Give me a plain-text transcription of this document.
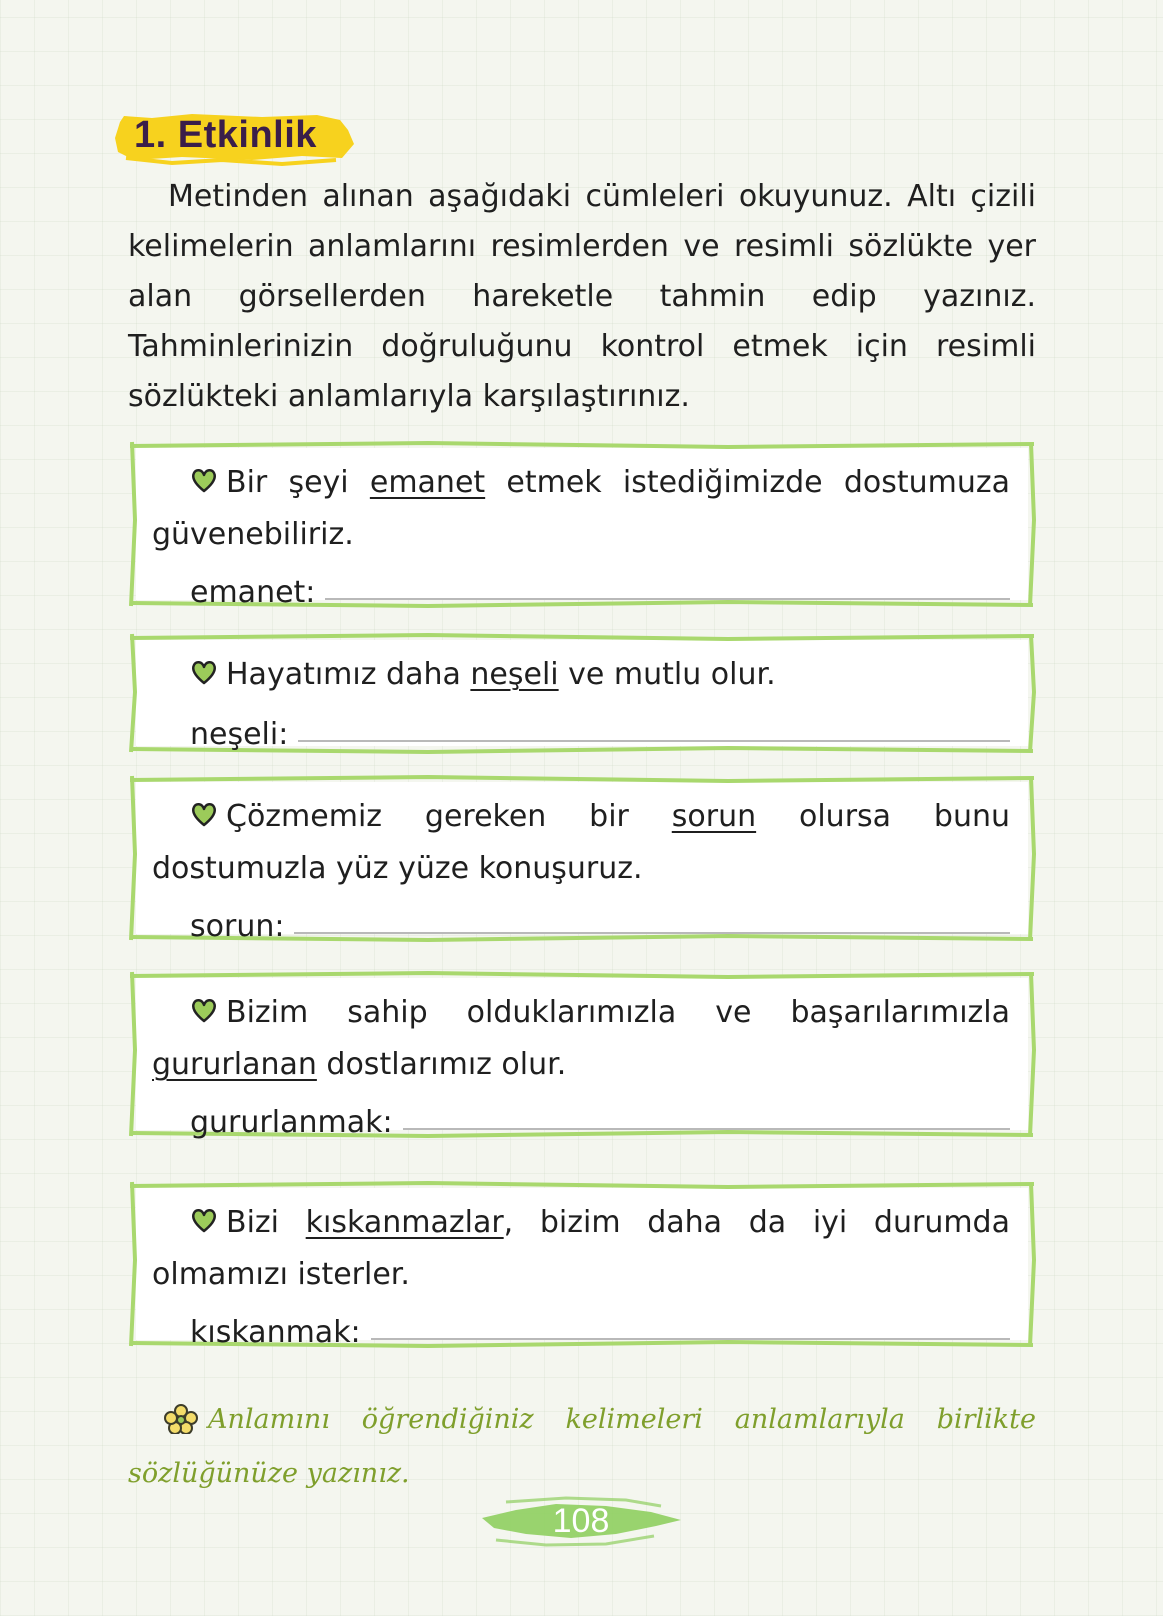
1. Etkinlik

Metinden alınan aşağıdaki cümleleri okuyunuz. Altı çizili kelimelerin anlamlarını resimlerden ve resimli sözlükte yer alan görsellerden hareketle tahmin edip yazınız. Tahminlerinizin doğruluğunu kontrol etmek için resimli sözlükteki anlamlarıyla karşılaştırınız.

Bir şeyi emanet etmek istediğimizde dostumuza güvenebiliriz.

emanet:

Hayatımız daha neşeli ve mutlu olur.

neşeli:

Çözmemiz gereken bir sorun olursa bunu dostumuzla yüz yüze konuşuruz.

sorun:

Bizim sahip olduklarımızla ve başarılarımızla gururlanan dostlarımız olur.

gururlanmak:

Bizi kıskanmazlar, bizim daha da iyi durumda olmamızı isterler.

kıskanmak:

Anlamını öğrendiğiniz kelimeleri anlamlarıyla birlikte sözlüğünüze yazınız.

108
